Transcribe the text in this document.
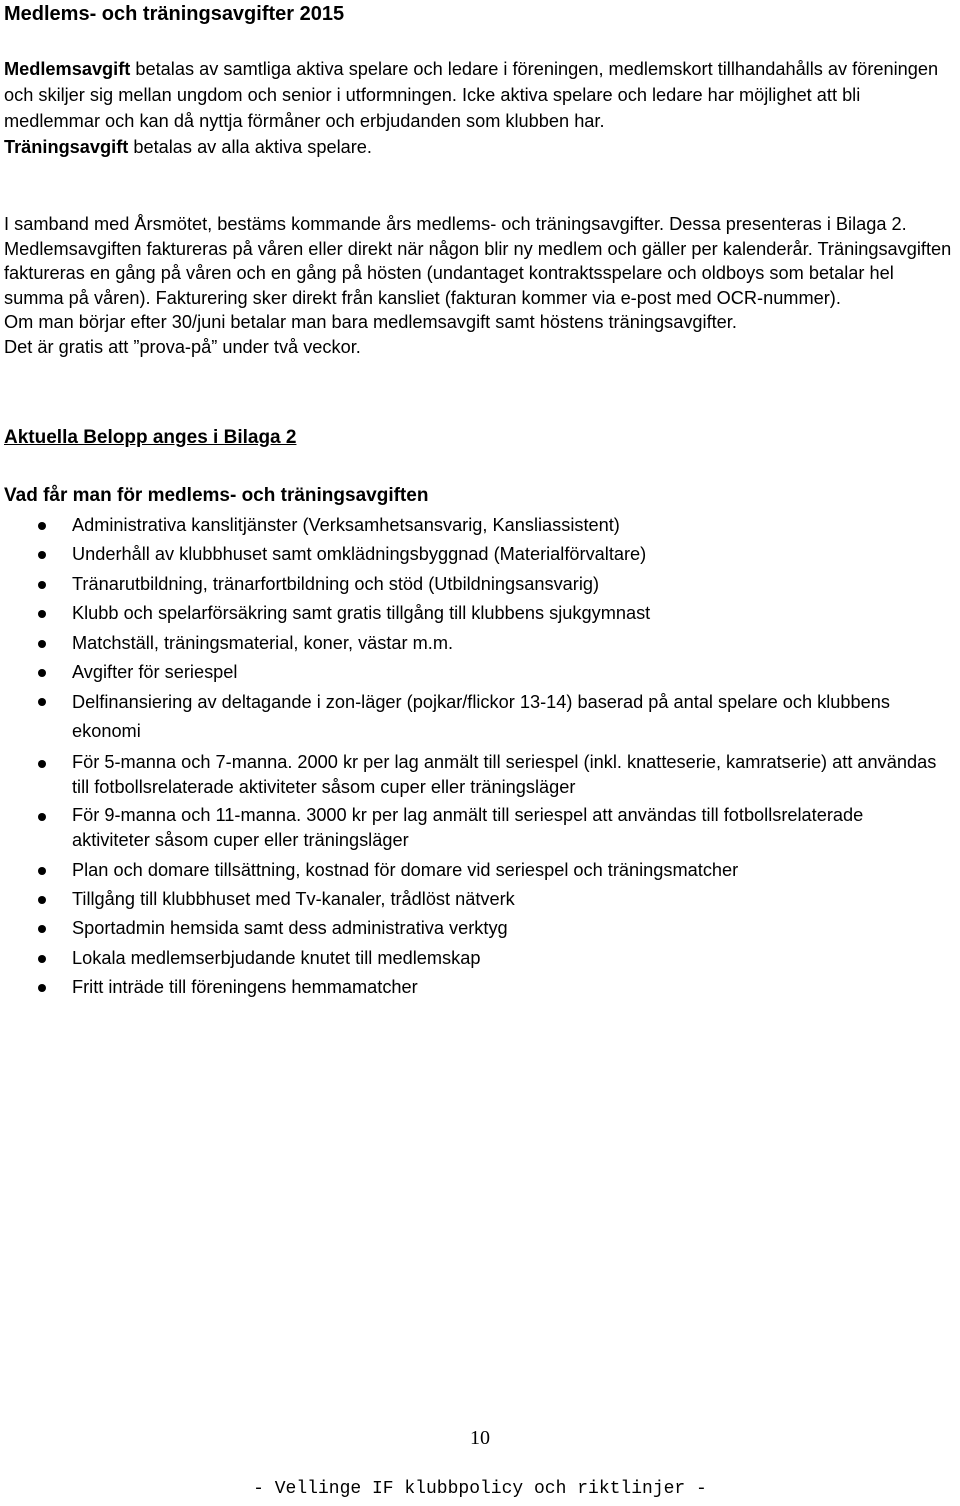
Medlems- och träningsavgifter 2015

Medlemsavgift betalas av samtliga aktiva spelare och ledare i föreningen, medlemskort tillhandahålls av föreningen och skiljer sig mellan ungdom och senior i utformningen. Icke aktiva spelare och ledare har möjlighet att bli medlemmar och kan då nyttja förmåner och erbjudanden som klubben har.
Träningsavgift betalas av alla aktiva spelare.

I samband med Årsmötet, bestäms kommande års medlems- och träningsavgifter. Dessa presenteras i Bilaga 2. Medlemsavgiften faktureras på våren eller direkt när någon blir ny medlem och gäller per kalenderår. Träningsavgiften faktureras en gång på våren och en gång på hösten (undantaget kontraktsspelare och oldboys som betalar hel summa på våren). Fakturering sker direkt från kansliet (fakturan kommer via e-post med OCR-nummer).
Om man börjar efter 30/juni betalar man bara medlemsavgift samt höstens träningsavgifter.
Det är gratis att ”prova-på” under två veckor.

Aktuella Belopp anges i Bilaga 2
Vad får man för medlems- och träningsavgiften
Administrativa kanslitjänster (Verksamhetsansvarig, Kansliassistent)
Underhåll av klubbhuset samt omklädningsbyggnad (Materialförvaltare)
Tränarutbildning, tränarfortbildning och stöd (Utbildningsansvarig)
Klubb och spelarförsäkring samt gratis tillgång till klubbens sjukgymnast
Matchställ, träningsmaterial, koner, västar m.m.
Avgifter för seriespel
Delfinansiering av deltagande i zon-läger (pojkar/flickor 13-14) baserad på antal spelare och klubbens ekonomi
För 5-manna och 7-manna. 2000 kr per lag anmält till seriespel (inkl. knatteserie, kamratserie) att användas till fotbollsrelaterade aktiviteter såsom cuper eller träningsläger
För 9-manna och 11-manna. 3000 kr per lag anmält till seriespel att användas till fotbollsrelaterade aktiviteter såsom cuper eller träningsläger
Plan och domare tillsättning, kostnad för domare vid seriespel och träningsmatcher
Tillgång till klubbhuset med Tv-kanaler, trådlöst nätverk
Sportadmin hemsida samt dess administrativa verktyg
Lokala medlemserbjudande knutet till medlemskap
Fritt inträde till föreningens hemmamatcher
10
- Vellinge IF klubbpolicy och riktlinjer -
